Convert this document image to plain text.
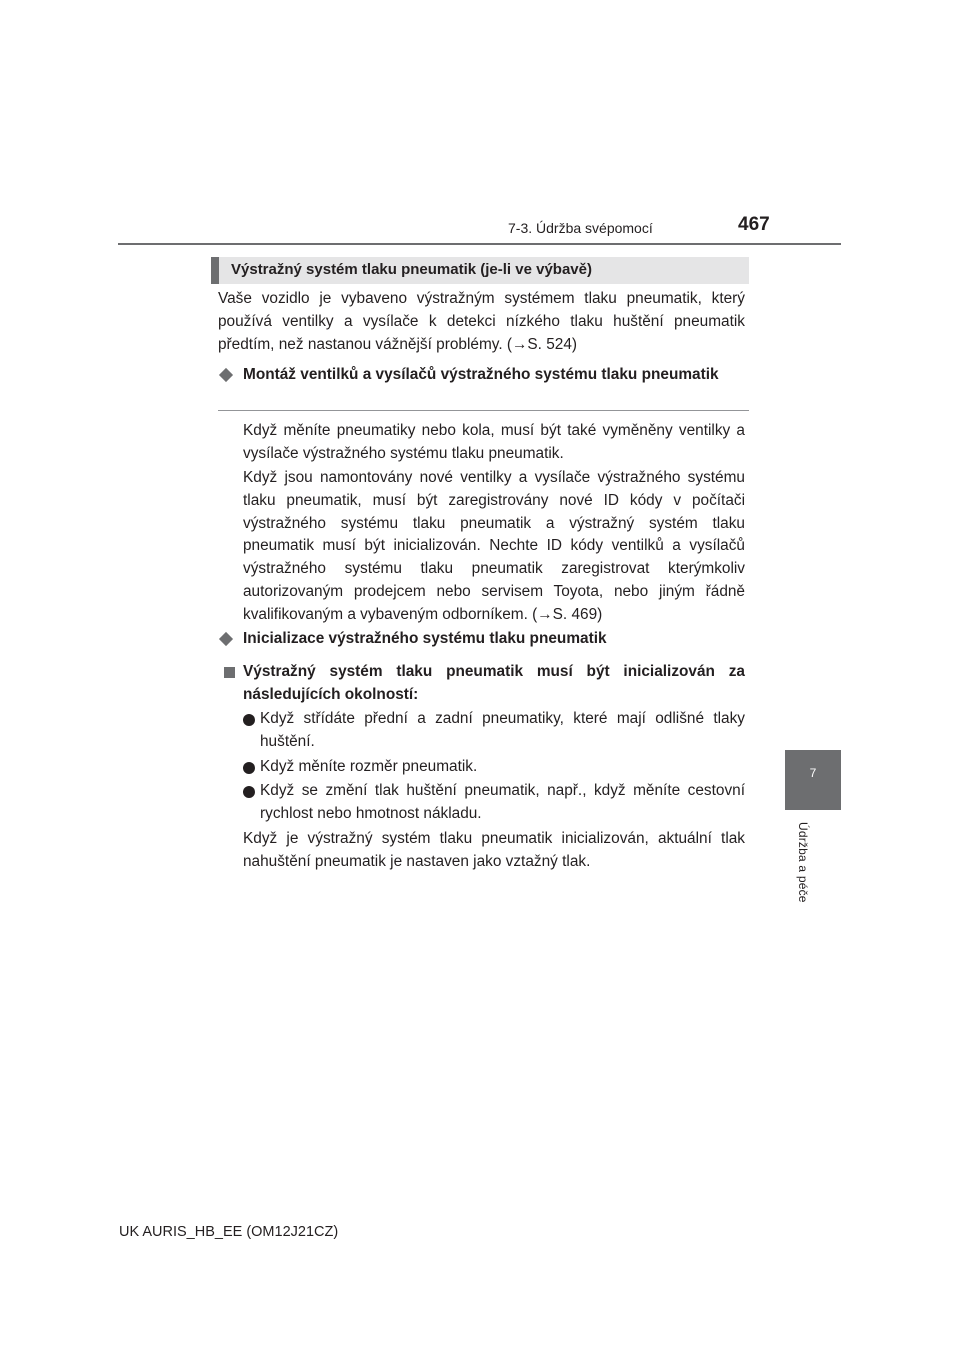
7-3. Údržba svépomocí	467
7
Údržba a péče
Výstražný systém tlaku pneumatik (je-li ve výbavě)
Vaše vozidlo je vybaveno výstražným systémem tlaku pneumatik, který používá ventilky a vysílače k detekci nízkého tlaku huštění pneumatik předtím, než nastanou vážnější problémy. (→S. 524)
Montáž ventilků a vysílačů výstražného systému tlaku pneumatik
Když měníte pneumatiky nebo kola, musí být také vyměněny ventilky a vysílače výstražného systému tlaku pneumatik.
Když jsou namontovány nové ventilky a vysílače výstražného systému tlaku pneumatik, musí být zaregistrovány nové ID kódy v počítači výstražného systému tlaku pneumatik a výstražný systém tlaku pneumatik musí být inicializován. Nechte ID kódy ventilků a vysílačů výstražného systému tlaku pneumatik zaregistrovat kterýmkoliv autorizovaným prodejcem nebo servisem Toyota, nebo jiným řádně kvalifikovaným a vybaveným odborníkem. (→S. 469)
Inicializace výstražného systému tlaku pneumatik
Výstražný systém tlaku pneumatik musí být inicializován za následujících okolností:
Když střídáte přední a zadní pneumatiky, které mají odlišné tlaky huštění.
Když měníte rozměr pneumatik.
Když se změní tlak huštění pneumatik, např., když měníte cestovní rychlost nebo hmotnost nákladu.
Když je výstražný systém tlaku pneumatik inicializován, aktuální tlak nahuštění pneumatik je nastaven jako vztažný tlak.
UK AURIS_HB_EE (OM12J21CZ)
